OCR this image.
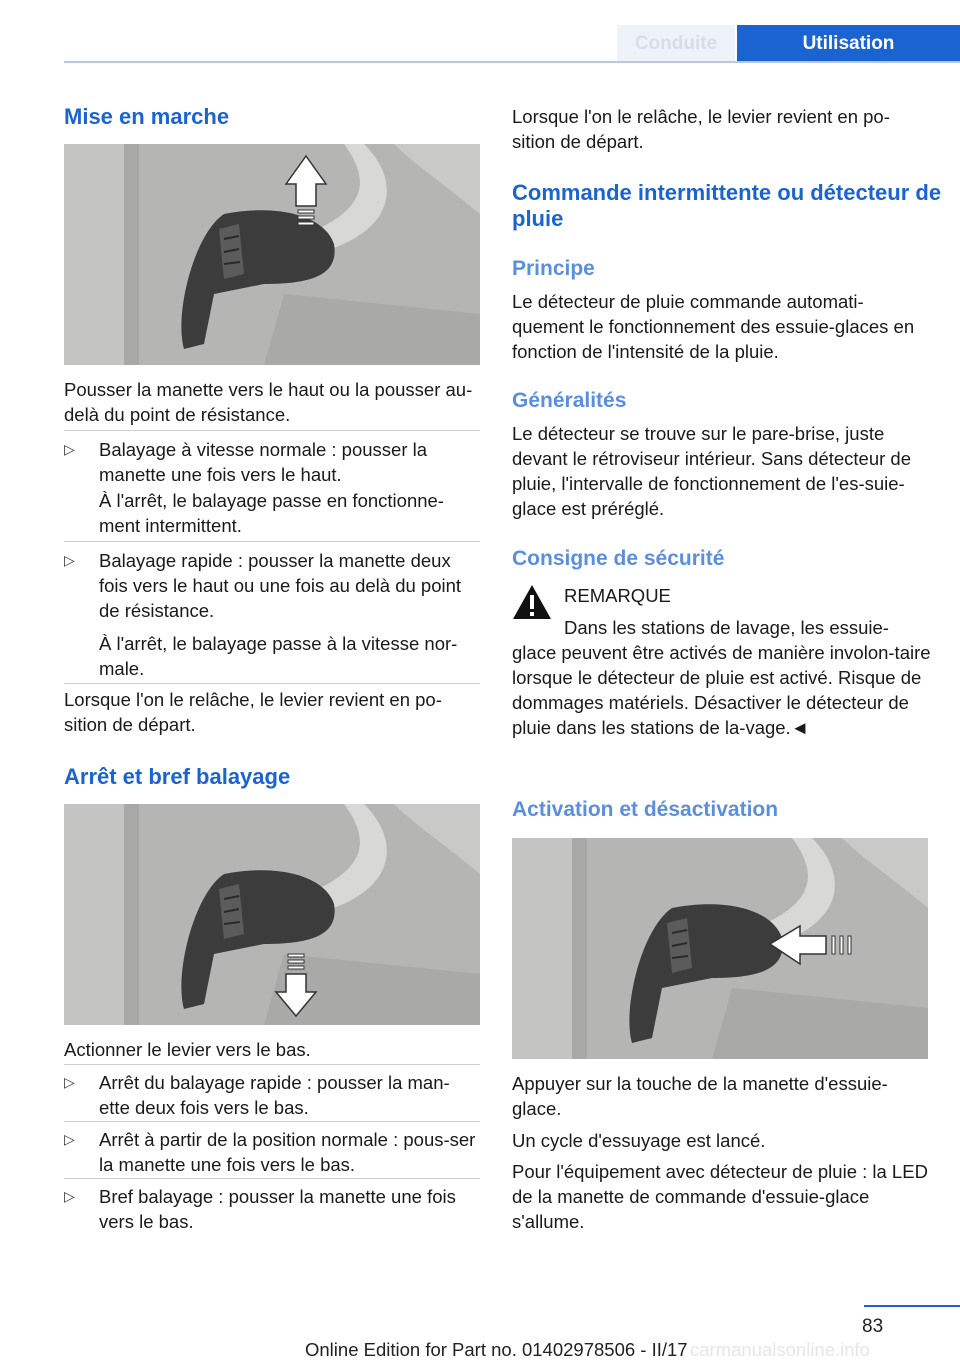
Conduite	Utilisation
Mise en marche
Pousser la manette vers le haut ou la pousser au-delà du point de résistance.
▷ Balayage à vitesse normale : pousser la manette une fois vers le haut.
À l'arrêt, le balayage passe en fonctionne-ment intermittent.
▷ Balayage rapide : pousser la manette deux fois vers le haut ou une fois au delà du point de résistance.
À l'arrêt, le balayage passe à la vitesse nor-male.
Lorsque l'on le relâche, le levier revient en po-sition de départ.
Arrêt et bref balayage
Actionner le levier vers le bas.
▷ Arrêt du balayage rapide : pousser la man-ette deux fois vers le bas.
▷ Arrêt à partir de la position normale : pous-ser la manette une fois vers le bas.
▷ Bref balayage : pousser la manette une fois vers le bas.
Lorsque l'on le relâche, le levier revient en po-sition de départ.
Commande intermittente ou détecteur de pluie
Principe
Le détecteur de pluie commande automati-quement le fonctionnement des essuie-glaces en fonction de l'intensité de la pluie.
Généralités
Le détecteur se trouve sur le pare-brise, juste devant le rétroviseur intérieur. Sans détecteur de pluie, l'intervalle de fonctionnement de l'es-suie-glace est préréglé.
Consigne de sécurité
REMARQUE
Dans les stations de lavage, les essuie-
glace peuvent être activés de manière involon-taire lorsque le détecteur de pluie est activé. Risque de dommages matériels. Désactiver le détecteur de pluie dans les stations de la-vage.◄
Activation et désactivation
Appuyer sur la touche de la manette d'essuie-glace.
Un cycle d'essuyage est lancé.
Pour l'équipement avec détecteur de pluie : la LED de la manette de commande d'essuie-glace s'allume.
83
Online Edition for Part no. 01402978506 - II/17 carmanualsonline.info
